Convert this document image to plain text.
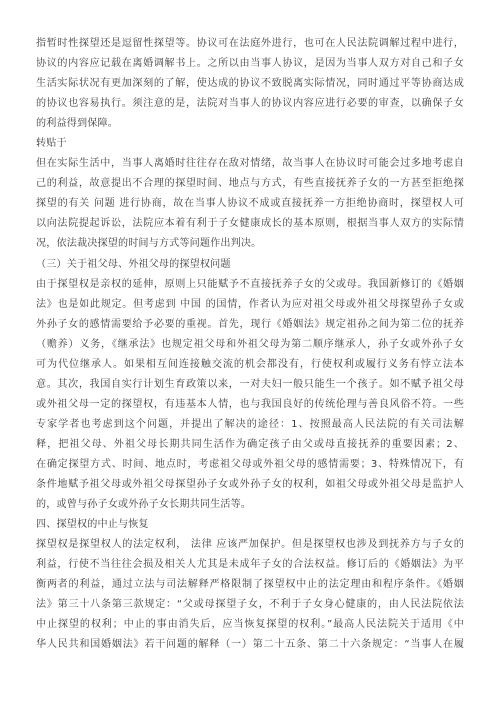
指暂时性探望还是逗留性探望等。协议可在法庭外进行，也可在人民法院调解过程中进行，
协议的内容应记载在离婚调解书上。之所以由当事人协议，是因为当事人双方对自己和子女
生活实际状况有更加深刻的了解，使达成的协议不致脱离实际情况，同时通过平等协商达成
的协议也容易执行。须注意的是，法院对当事人的协议内容应进行必要的审查，以确保子女
的利益得到保障。
转贴于
但在实际生活中，当事人离婚时往往存在敌对情绪，故当事人在协议时可能会过多地考虑自
己的利益，故意提出不合理的探望时间、地点与方式，有些直接抚养子女的一方甚至拒绝探
探望的有关 问题 进行协商，故在当事人协议不成或直接抚养一方拒绝协商时，探望权人可
以向法院提起诉讼，法院应本着有利于子女健康成长的基本原则，根据当事人双方的实际情
况，依法裁决探望的时间与方式等问题作出判决。
（三）关于祖父母、外祖父母的探望权问题
由于探望权是亲权的延伸，原则上只能赋予不直接抚养子女的父或母。我国新修订的《婚姻
法》也是如此规定。但考虑到 中国 的国情，作者认为应对祖父母或外祖父母探望孙子女或
外孙子女的感情需要给予必要的重视。首先，现行《婚姻法》规定祖孙之间为第二位的抚养
（赡养）义务，《继承法》也规定祖父母和外祖父母为第二顺序继承人，孙子女或外孙子女
可为代位继承人。如果相互间连接触交流的机会都没有，行使权利或履行义务有悖立法本
意。其次，我国自实行计划生育政策以来，一对夫妇一般只能生一个孩子。如不赋予祖父母
或外祖父母一定的探望权，有违基本人情，也与我国良好的传统伦理与善良风俗不符。一些
专家学者也考虑到这个问题，并提出了解决的途径：1、按照最高人民法院的有关司法解
释，把祖父母、外祖父母长期共同生活作为确定孩子由父或母直接抚养的重要因素；2、
在确定探望方式、时间、地点时，考虑祖父母或外祖父母的感情需要；3、特殊情况下，有
条件地赋予祖父母或外祖父母探望孙子女或外孙子女的权利，如祖父母或外祖父母是监护人
的，或曾与孙子女或外孙子女长期共同生活等。
四、探望权的中止与恢复
探望权是探望权人的法定权利， 法律 应该严加保护。但是探望权也涉及到抚养方与子女的
利益，行使不当往往会损及相关人尤其是未成年子女的合法权益。修订后的《婚姻法》为平
衡两者的利益，通过立法与司法解释严格限制了探望权中止的法定理由和程序条件。《婚姻
法》第三十八条第三款规定：“父或母探望子女，不利于子女身心健康的，由人民法院依法
中止探望的权利；中止的事由消失后，应当恢复探望的权利。”最高人民法院关于适用《中
华人民共和国婚姻法》若干问题的解释（一）第二十五条、第二十六条规定：“当事人在履
